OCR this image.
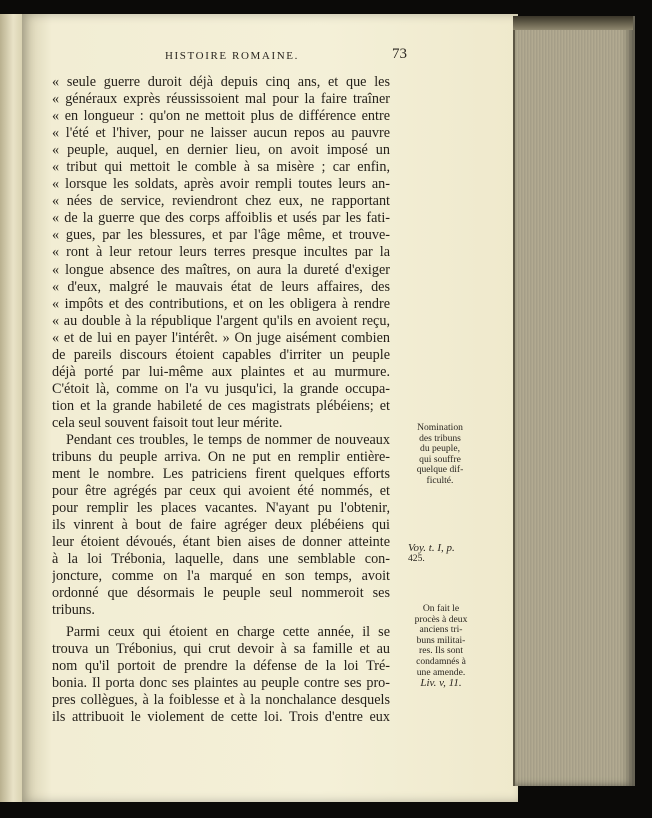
HISTOIRE ROMAINE.	73
« seule guerre duroit déjà depuis cinq ans, et que les
« généraux exprès réussissoient mal pour la faire traîner
« en longueur : qu'on ne mettoit plus de différence entre
« l'été et l'hiver, pour ne laisser aucun repos au pauvre
« peuple, auquel, en dernier lieu, on avoit imposé un
« tribut qui mettoit le comble à sa misère ; car enfin,
« lorsque les soldats, après avoir rempli toutes leurs an-
« nées de service, reviendront chez eux, ne rapportant
« de la guerre que des corps affoiblis et usés par les fati-
« gues, par les blessures, et par l'âge même, et trouve-
« ront à leur retour leurs terres presque incultes par la
« longue absence des maîtres, on aura la dureté d'exiger
« d'eux, malgré le mauvais état de leurs affaires, des
« impôts et des contributions, et on les obligera à rendre
« au double à la république l'argent qu'ils en avoient reçu,
« et de lui en payer l'intérêt. » On juge aisément combien
de pareils discours étoient capables d'irriter un peuple
déjà porté par lui-même aux plaintes et au murmure.
C'étoit là, comme on l'a vu jusqu'ici, la grande occupa-
tion et la grande habileté de ces magistrats plébéiens; et
cela seul souvent faisoit tout leur mérite.
Pendant ces troubles, le temps de nommer de nouveaux
tribuns du peuple arriva. On ne put en remplir entière-
ment le nombre. Les patriciens firent quelques efforts
pour être agrégés par ceux qui avoient été nommés, et
pour remplir les places vacantes. N'ayant pu l'obtenir,
ils vinrent à bout de faire agréger deux plébéiens qui
leur étoient dévoués, étant bien aises de donner atteinte
à la loi Trébonia, laquelle, dans une semblable con-
joncture, comme on l'a marqué en son temps, avoit
ordonné que désormais le peuple seul nommeroit ses
tribuns.
Parmi ceux qui étoient en charge cette année, il se
trouva un Trébonius, qui crut devoir à sa famille et au
nom qu'il portoit de prendre la défense de la loi Tré-
bonia. Il porta donc ses plaintes au peuple contre ses pro-
pres collègues, à la foiblesse et à la nonchalance desquels
ils attribuoit le violement de cette loi. Trois d'entre eux
Nomination
des tribuns
du peuple,
qui souffre
quelque dif-
ficulté.
Voy. t. I, p.
425.
On fait le
procès à deux
anciens tri-
buns militai-
res. Ils sont
condamnés à
une amende.
Liv. v, 11.
